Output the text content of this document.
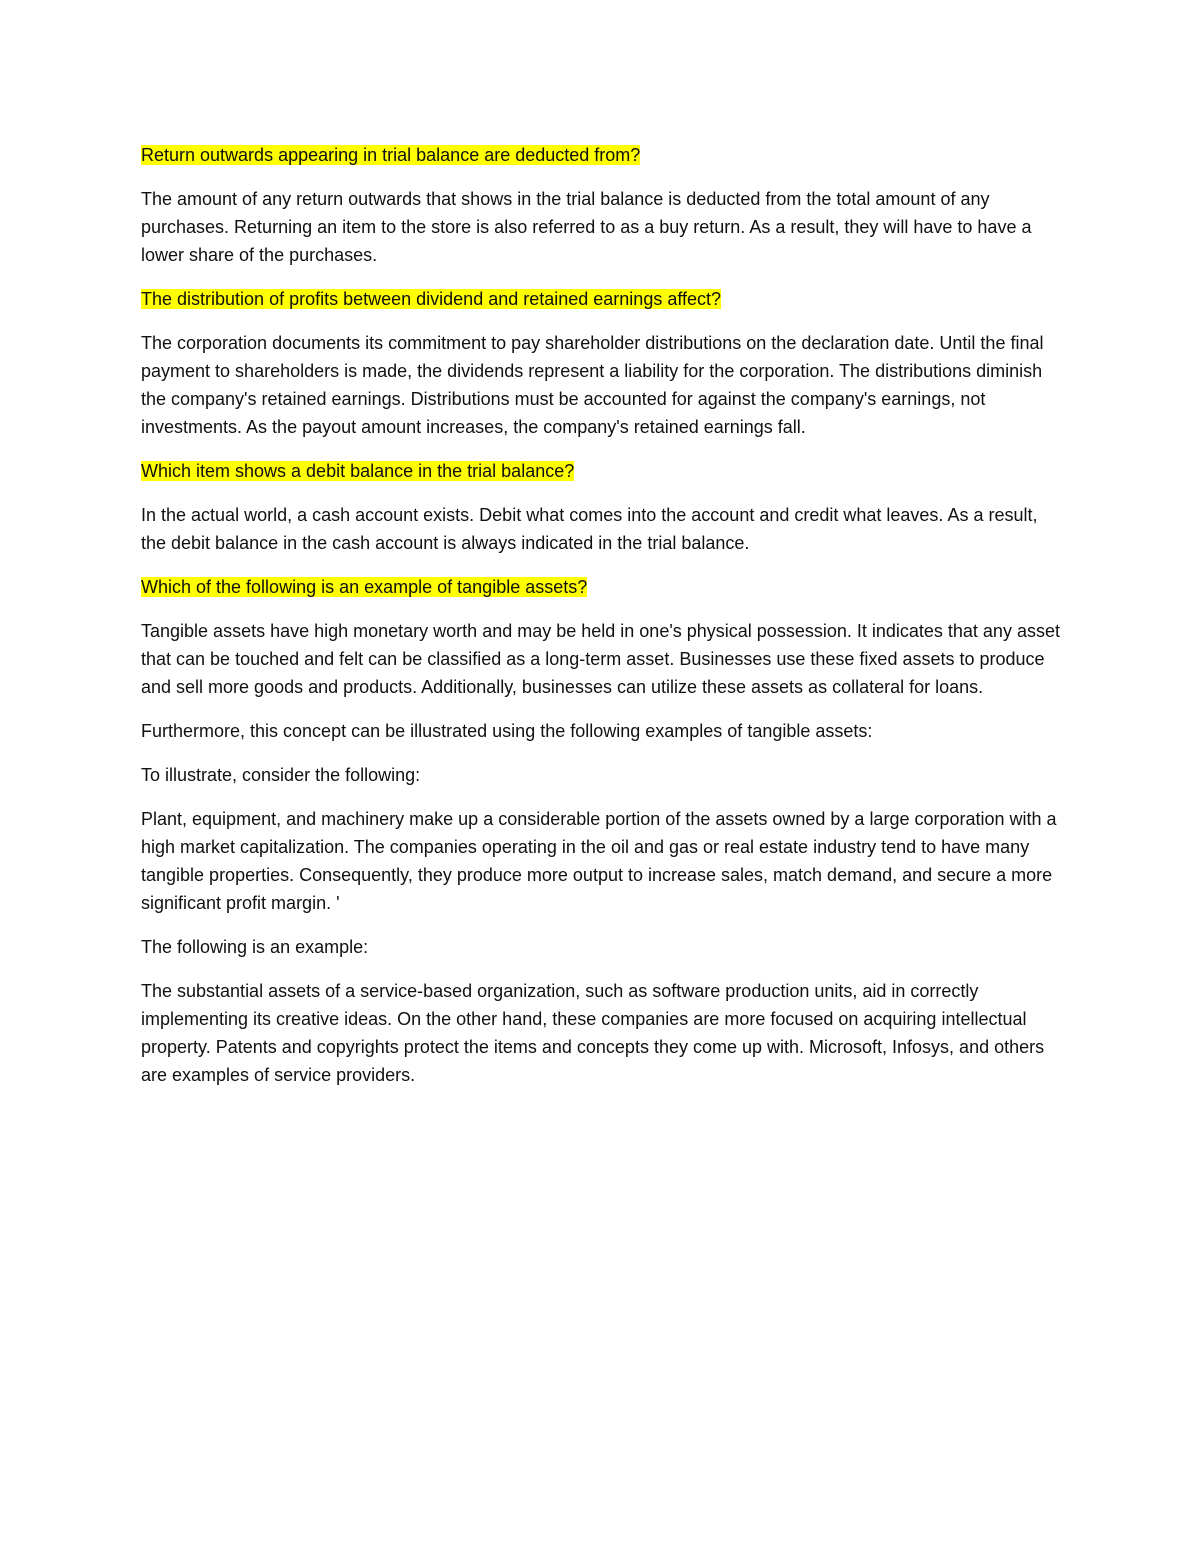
Return outwards appearing in trial balance are deducted from?

The amount of any return outwards that shows in the trial balance is deducted from the total amount of any purchases. Returning an item to the store is also referred to as a buy return. As a result, they will have to have a lower share of the purchases.

The distribution of profits between dividend and retained earnings affect?

The corporation documents its commitment to pay shareholder distributions on the declaration date. Until the final payment to shareholders is made, the dividends represent a liability for the corporation. The distributions diminish the company's retained earnings. Distributions must be accounted for against the company's earnings, not investments. As the payout amount increases, the company's retained earnings fall.

Which item shows a debit balance in the trial balance?

In the actual world, a cash account exists. Debit what comes into the account and credit what leaves. As a result, the debit balance in the cash account is always indicated in the trial balance.

Which of the following is an example of tangible assets?

Tangible assets have high monetary worth and may be held in one's physical possession. It indicates that any asset that can be touched and felt can be classified as a long-term asset. Businesses use these fixed assets to produce and sell more goods and products. Additionally, businesses can utilize these assets as collateral for loans.

Furthermore, this concept can be illustrated using the following examples of tangible assets:

To illustrate, consider the following:

Plant, equipment, and machinery make up a considerable portion of the assets owned by a large corporation with a high market capitalization. The companies operating in the oil and gas or real estate industry tend to have many tangible properties. Consequently, they produce more output to increase sales, match demand, and secure a more significant profit margin. '

The following is an example:

The substantial assets of a service-based organization, such as software production units, aid in correctly implementing its creative ideas. On the other hand, these companies are more focused on acquiring intellectual property. Patents and copyrights protect the items and concepts they come up with. Microsoft, Infosys, and others are examples of service providers.
